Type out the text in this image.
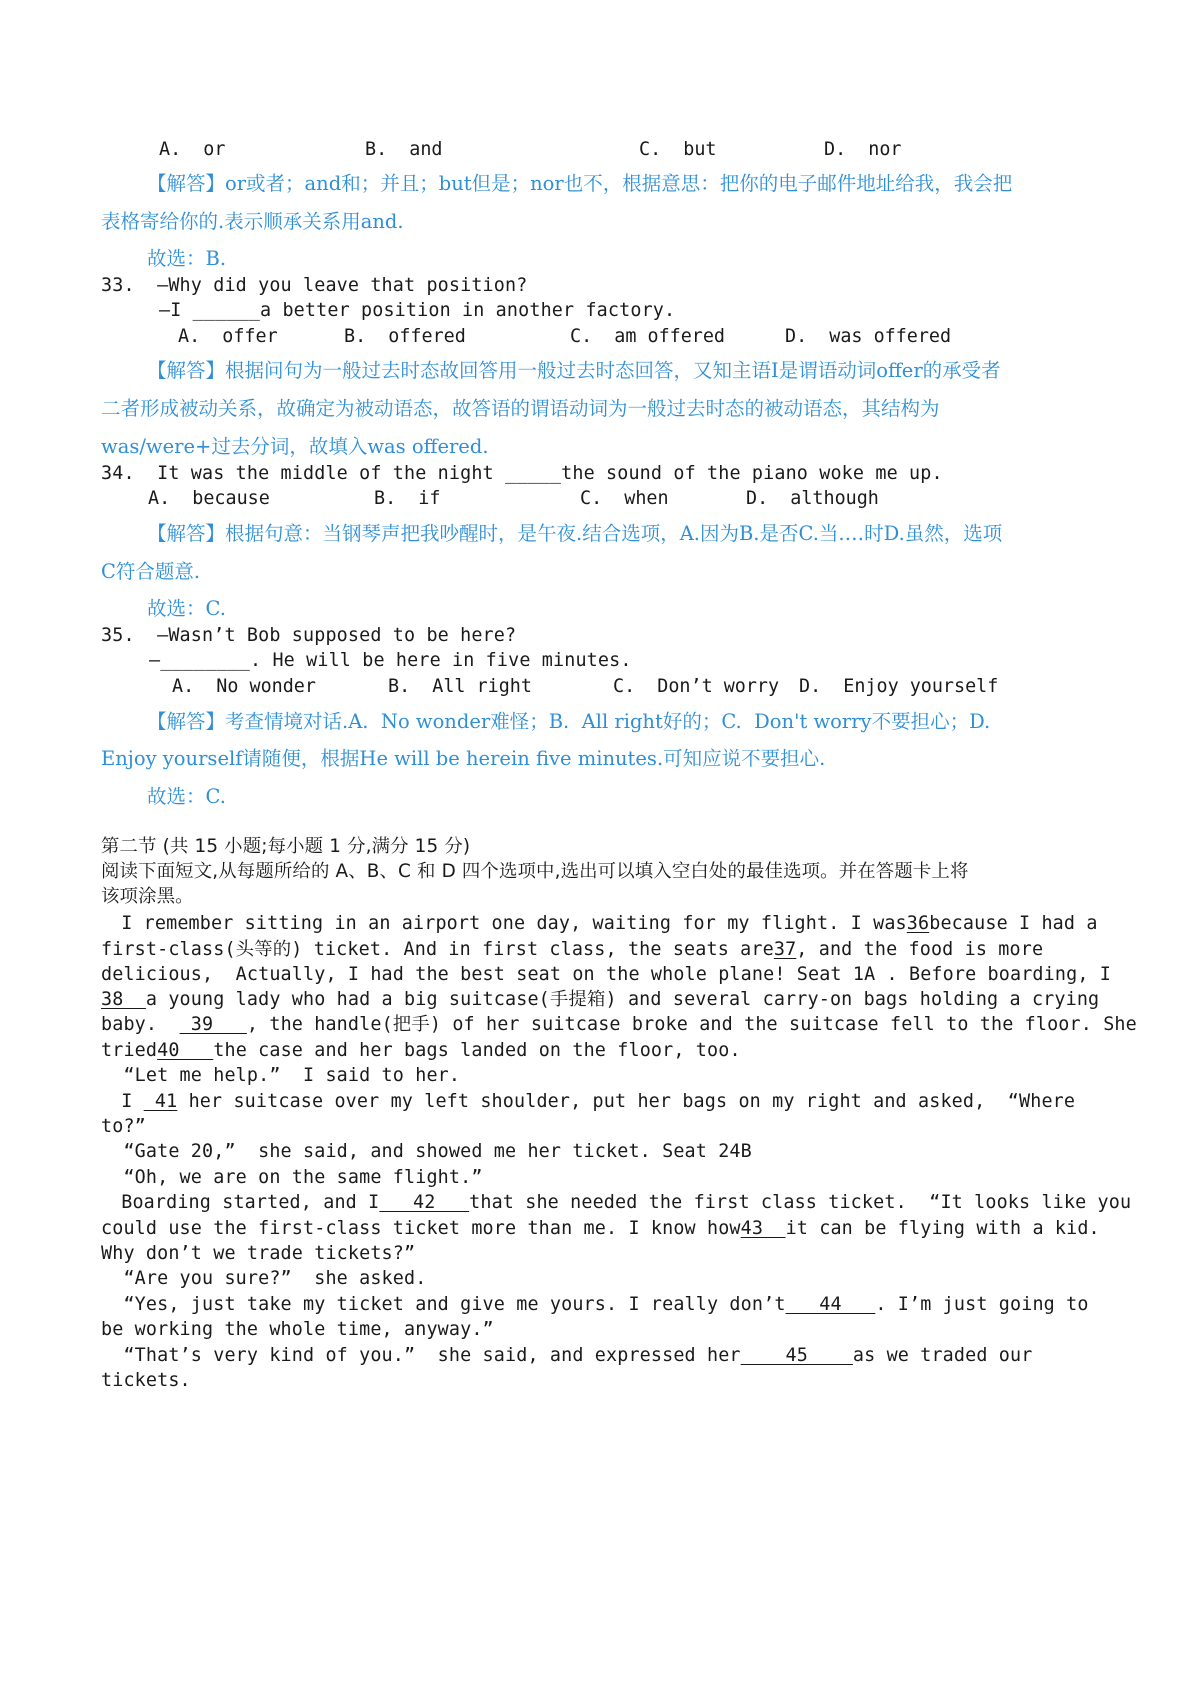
A.  or	B.  and	C.  but	D.  nor
【解答】or或者；and和；并且；but但是；nor也不，根据意思：把你的电子邮件地址给我，我会把
表格寄给你的.表示顺承关系用and.
故选：B.
33.  —Why did you leave that position?
—I ______a better position in another factory.
A.  offer	B.  offered	C.  am offered	D.  was offered
【解答】根据问句为一般过去时态故回答用一般过去时态回答，又知主语I是谓语动词offer的承受者
二者形成被动关系，故确定为被动语态，故答语的谓语动词为一般过去时态的被动语态，其结构为
was/were+过去分词，故填入was offered.
34.  It was the middle of the night _____the sound of the piano woke me up.
A.  because	B.  if	C.  when	D.  although
【解答】根据句意：当钢琴声把我吵醒时，是午夜.结合选项，A.因为B.是否C.当.…时D.虽然，选项
C符合题意.
故选：C.
35.  —Wasn’t Bob supposed to be here?
—________. He will be here in five minutes.
A.  No wonder	B.  All right	C.  Don’t worry D.  Enjoy yourself
【解答】考查情境对话.A.  No wonder难怪；B.  All right好的；C.  Don't worry不要担心；D.
Enjoy yourself请随便，根据He will be herein five minutes.可知应说不要担心.
故选：C.
第二节 (共 15 小题;每小题 1 分,满分 15 分)
阅读下面短文,从每题所给的 A、B、C 和 D 四个选项中,选出可以填入空白处的最佳选项。并在答题卡上将
该项涂黑。
I remember sitting in an airport one day, waiting for my flight. I was36because I had a
first-class(头等的) ticket. And in first class, the seats are37, and the food is more
delicious,  Actually, I had the best seat on the whole plane! Seat 1A . Before boarding, I
38  a young lady who had a big suitcase(手提箱) and several carry-on bags holding a crying
baby.   39   , the handle(把手) of her suitcase broke and the suitcase fell to the floor. She
tried40   the case and her bags landed on the floor, too.
“Let me help.”  I said to her.
I  41 her suitcase over my left shoulder, put her bags on my right and asked,  “Where
to?”
“Gate 20,”  she said, and showed me her ticket. Seat 24B
“Oh, we are on the same flight.”
Boarding started, and I   42   that she needed the first class ticket.  “It looks like you
could use the first-class ticket more than me. I know how43  it can be flying with a kid.
Why don’t we trade tickets?”
“Are you sure?”  she asked.
“Yes, just take my ticket and give me yours. I really don’t   44   . I’m just going to
be working the whole time, anyway.”
“That’s very kind of you.”  she said, and expressed her    45    as we traded our
tickets.
